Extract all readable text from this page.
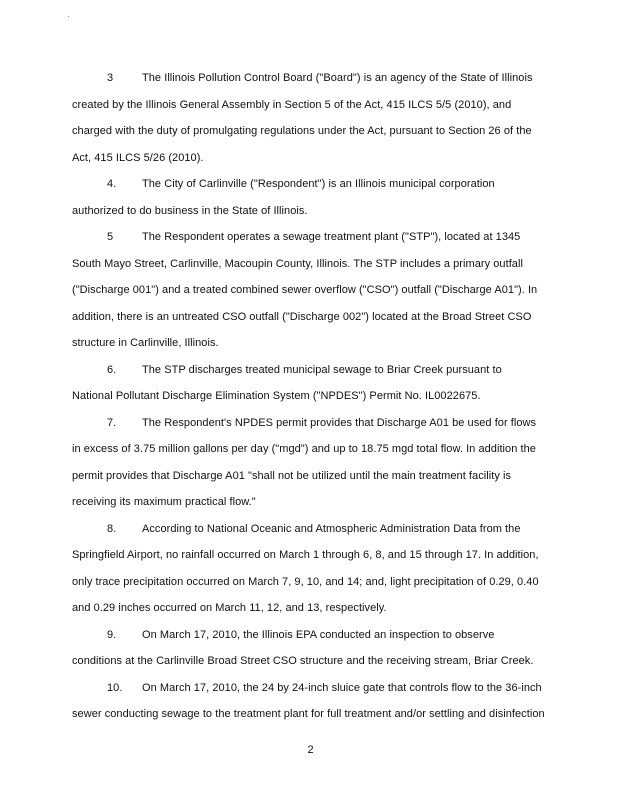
3	The Illinois Pollution Control Board ("Board") is an agency of the State of Illinois
created by the Illinois General Assembly in Section 5 of the Act, 415 ILCS 5/5 (2010), and
charged with the duty of promulgating regulations under the Act, pursuant to Section 26 of the
Act, 415 ILCS 5/26 (2010).
4. The City of Carlinville ("Respondent") is an Illinois municipal corporation
authorized to do business in the State of Illinois.
5	The Respondent operates a sewage treatment plant ("STP"), located at 1345
South Mayo Street, Carlinville, Macoupin County, Illinois. The STP includes a primary outfall
("Discharge 001") and a treated combined sewer overflow ("CSO") outfall ("Discharge A01"). In
addition, there is an untreated CSO outfall ("Discharge 002") located at the Broad Street CSO
structure in Carlinville, Illinois.
6. The STP discharges treated municipal sewage to Briar Creek pursuant to
National Pollutant Discharge Elimination System ("NPDES") Permit No. IL0022675.
7. The Respondent's NPDES permit provides that Discharge A01 be used for flows
in excess of 3.75 million gallons per day ("mgd") and up to 18.75 mgd total flow. In addition the
permit provides that Discharge A01 "shall not be utilized until the main treatment facility is
receiving its maximum practical flow."
8. According to National Oceanic and Atmospheric Administration Data from the
Springfield Airport, no rainfall occurred on March 1 through 6, 8, and 15 through 17. In addition,
only trace precipitation occurred on March 7, 9, 10, and 14; and, light precipitation of 0.29, 0.40
and 0.29 inches occurred on March 11, 12, and 13, respectively.
9. On March 17, 2010, the Illinois EPA conducted an inspection to observe
conditions at the Carlinville Broad Street CSO structure and the receiving stream, Briar Creek.
10. On March 17, 2010, the 24 by 24-inch sluice gate that controls flow to the 36-inch
sewer conducting sewage to the treatment plant for full treatment and/or settling and disinfection
2
